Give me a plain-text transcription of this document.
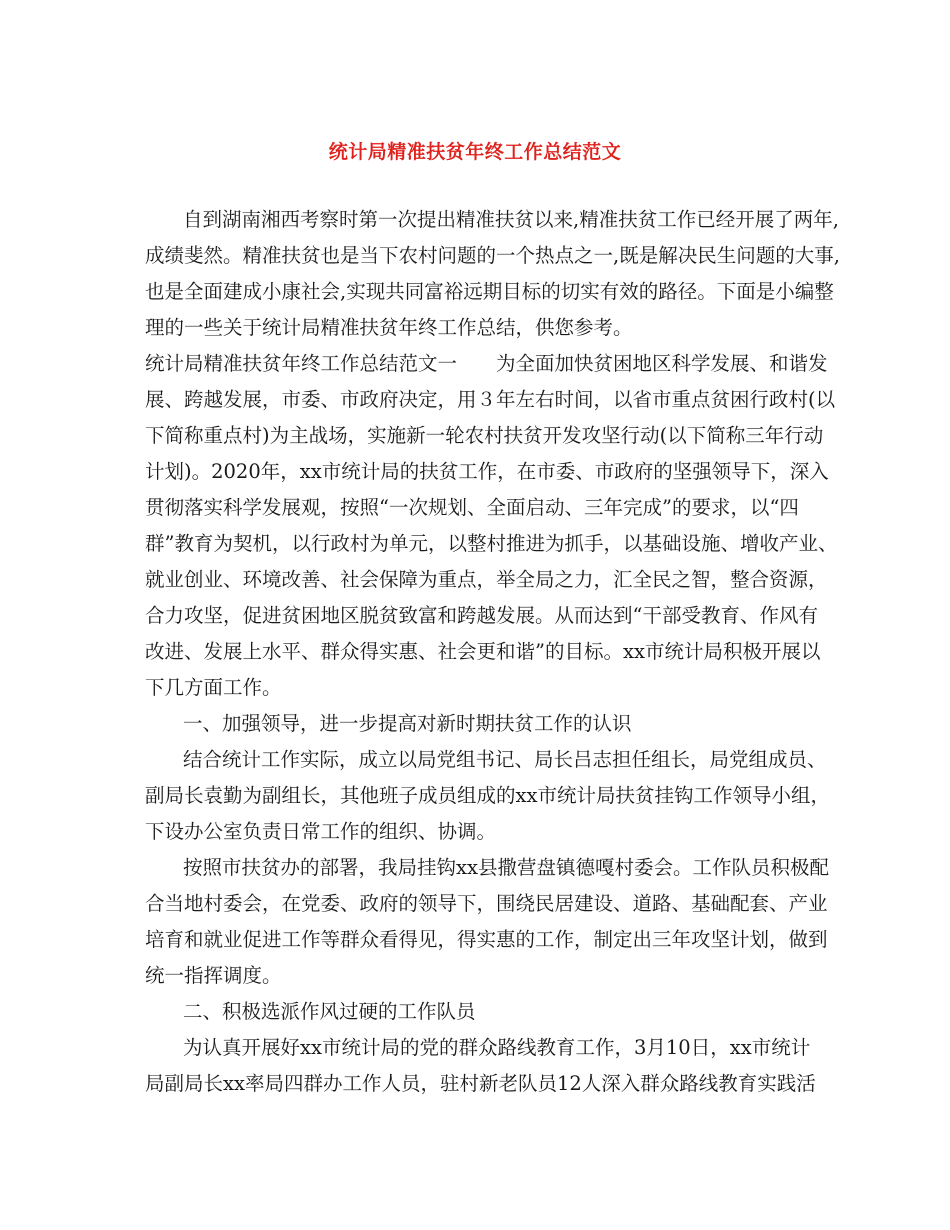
统计局精准扶贫年终工作总结范文
自到湖南湘西考察时第一次提出精准扶贫以来,精准扶贫工作已经开展了两年,
成绩斐然。精准扶贫也是当下农村问题的一个热点之一,既是解决民生问题的大事,
也是全面建成小康社会,实现共同富裕远期目标的切实有效的路径。下面是小编整
理的一些关于统计局精准扶贫年终工作总结，供您参考。
统计局精准扶贫年终工作总结范文一　　为全面加快贫困地区科学发展、和谐发
展、跨越发展，市委、市政府决定，用３年左右时间，以省市重点贫困行政村(以
下简称重点村)为主战场，实施新一轮农村扶贫开发攻坚行动(以下简称三年行动
计划)。2020年，xx市统计局的扶贫工作，在市委、市政府的坚强领导下，深入
贯彻落实科学发展观，按照“一次规划、全面启动、三年完成”的要求，以“四
群”教育为契机，以行政村为单元，以整村推进为抓手，以基础设施、增收产业、
就业创业、环境改善、社会保障为重点，举全局之力，汇全民之智，整合资源，
合力攻坚，促进贫困地区脱贫致富和跨越发展。从而达到“干部受教育、作风有
改进、发展上水平、群众得实惠、社会更和谐”的目标。xx市统计局积极开展以
下几方面工作。
一、加强领导，进一步提高对新时期扶贫工作的认识
结合统计工作实际，成立以局党组书记、局长吕志担任组长，局党组成员、
副局长袁勤为副组长，其他班子成员组成的xx市统计局扶贫挂钩工作领导小组，
下设办公室负责日常工作的组织、协调。
按照市扶贫办的部署，我局挂钩xx县撒营盘镇德嘎村委会。工作队员积极配
合当地村委会，在党委、政府的领导下，围绕民居建设、道路、基础配套、产业
培育和就业促进工作等群众看得见，得实惠的工作，制定出三年攻坚计划，做到
统一指挥调度。
二、积极选派作风过硬的工作队员
为认真开展好xx市统计局的党的群众路线教育工作，3月10日，xx市统计
局副局长xx率局四群办工作人员，驻村新老队员12人深入群众路线教育实践活
